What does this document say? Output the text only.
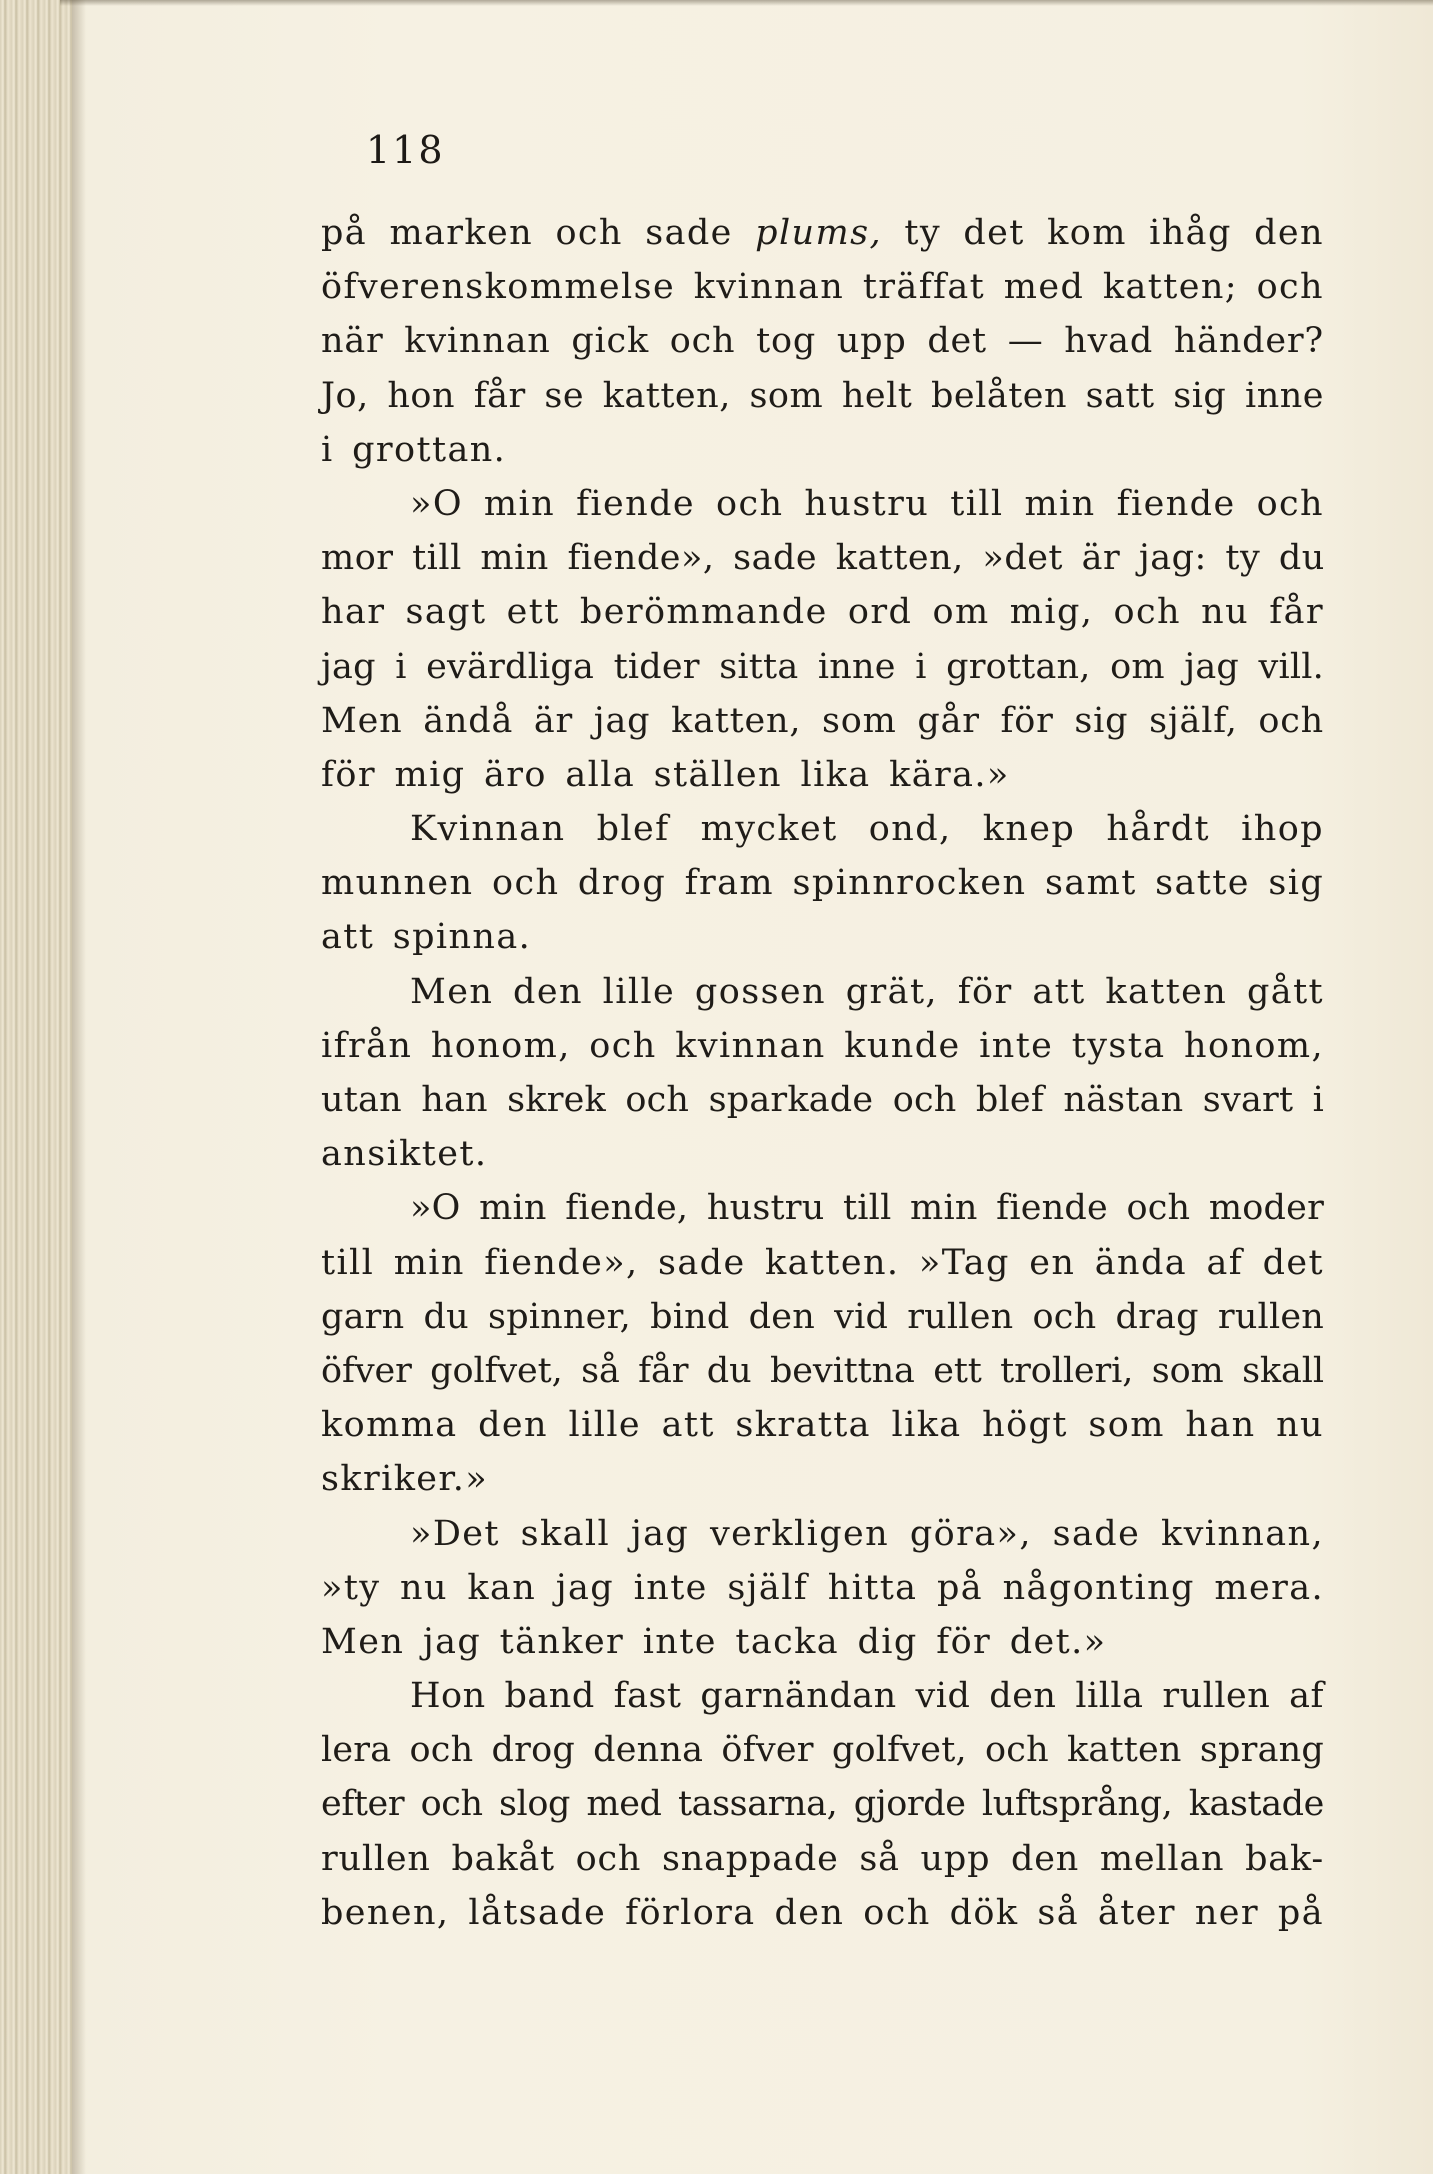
118
på marken och sade plums, ty det kom ihåg den
öfverenskommelse kvinnan träffat med katten; och
när kvinnan gick och tog upp det — hvad händer?
Jo, hon får se katten, som helt belåten satt sig inne
i grottan.
»O min fiende och hustru till min fiende och
mor till min fiende», sade katten, »det är jag: ty du
har sagt ett berömmande ord om mig, och nu får
jag i evärdliga tider sitta inne i grottan, om jag vill.
Men ändå är jag katten, som går för sig själf, och
för mig äro alla ställen lika kära.»
Kvinnan blef mycket ond, knep hårdt ihop
munnen och drog fram spinnrocken samt satte sig
att spinna.
Men den lille gossen grät, för att katten gått
ifrån honom, och kvinnan kunde inte tysta honom,
utan han skrek och sparkade och blef nästan svart i
ansiktet.
»O min fiende, hustru till min fiende och moder
till min fiende», sade katten. »Tag en ända af det
garn du spinner, bind den vid rullen och drag rullen
öfver golfvet, så får du bevittna ett trolleri, som skall
komma den lille att skratta lika högt som han nu
skriker.»
»Det skall jag verkligen göra», sade kvinnan,
»ty nu kan jag inte själf hitta på någonting mera.
Men jag tänker inte tacka dig för det.»
Hon band fast garnändan vid den lilla rullen af
lera och drog denna öfver golfvet, och katten sprang
efter och slog med tassarna, gjorde luftsprång, kastade
rullen bakåt och snappade så upp den mellan bak-
benen, låtsade förlora den och dök så åter ner på
